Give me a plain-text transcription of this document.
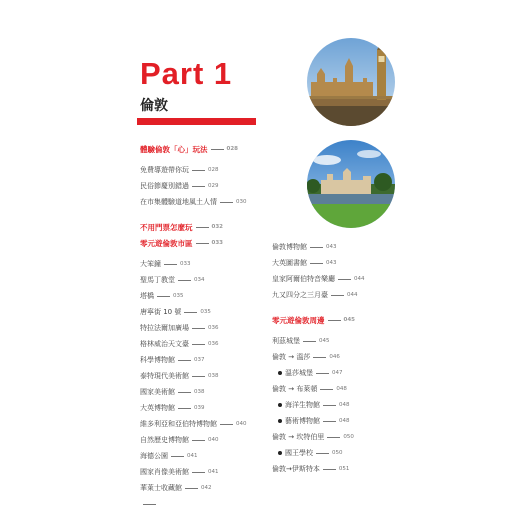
Part 1
倫敦
體驗倫敦「心」玩法	028
免費導遊帶你玩	028
民俗節慶別錯過	029
在市集體驗道地風土人情	030
不用門票怎麼玩	032
零元遊倫敦市區	033
大笨鐘	033
聖馬丁教堂	034
塔橋	035
唐寧街 10 號	035
特拉法爾加廣場	036
格林威治天文臺	036
科學博物館	037
泰特現代美術館	038
國家美術館	038
大英博物館	039
維多利亞和亞伯特博物館	040
自然歷史博物館	040
海德公園	041
國家肖像美術館	041
華萊士收藏館	042
倫敦博物館	043
大英圖書館	043
皇家阿爾伯特音樂廳	044
九又四分之三月臺	044
零元遊倫敦周邊	045
利茲城堡	045
倫敦 → 溫莎	046
溫莎城堡	047
倫敦 → 布萊頓	048
海洋生物館	048
藝術博物館	048
倫敦 → 坎特伯里	050
國王學校	050
倫敦→伊斯特本	051
